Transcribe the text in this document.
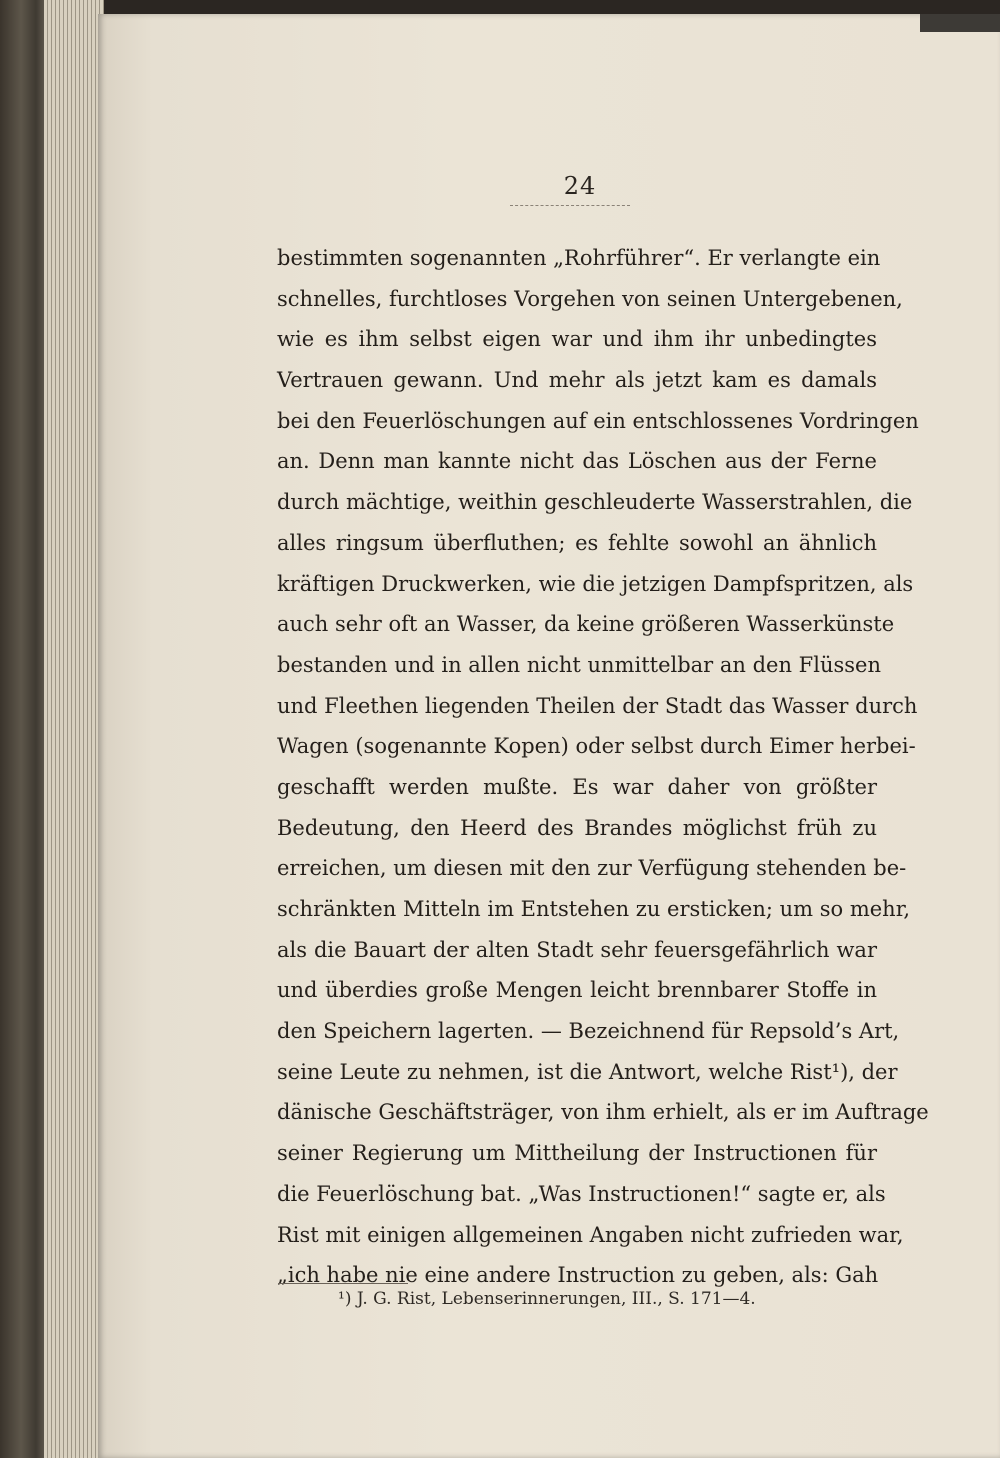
24
bestimmten sogenannten „Rohrführer“. Er verlangte ein
schnelles, furchtloses Vorgehen von seinen Untergebenen,
wie es ihm selbst eigen war und ihm ihr unbedingtes
Vertrauen gewann. Und mehr als jetzt kam es damals
bei den Feuerlöschungen auf ein entschlossenes Vordringen
an. Denn man kannte nicht das Löschen aus der Ferne
durch mächtige, weithin geschleuderte Wasserstrahlen, die
alles ringsum überfluthen; es fehlte sowohl an ähnlich
kräftigen Druckwerken, wie die jetzigen Dampfspritzen, als
auch sehr oft an Wasser, da keine größeren Wasserkünste
bestanden und in allen nicht unmittelbar an den Flüssen
und Fleethen liegenden Theilen der Stadt das Wasser durch
Wagen (sogenannte Kopen) oder selbst durch Eimer herbei-
geschafft werden mußte. Es war daher von größter
Bedeutung, den Heerd des Brandes möglichst früh zu
erreichen, um diesen mit den zur Verfügung stehenden be-
schränkten Mitteln im Entstehen zu ersticken; um so mehr,
als die Bauart der alten Stadt sehr feuersgefährlich war
und überdies große Mengen leicht brennbarer Stoffe in
den Speichern lagerten. — Bezeichnend für Repsold’s Art,
seine Leute zu nehmen, ist die Antwort, welche Rist¹), der
dänische Geschäftsträger, von ihm erhielt, als er im Auftrage
seiner Regierung um Mittheilung der Instructionen für
die Feuerlöschung bat. „Was Instructionen!“ sagte er, als
Rist mit einigen allgemeinen Angaben nicht zufrieden war,
„ich habe nie eine andere Instruction zu geben, als: Gah
¹) J. G. Rist, Lebenserinnerungen, III., S. 171—4.
